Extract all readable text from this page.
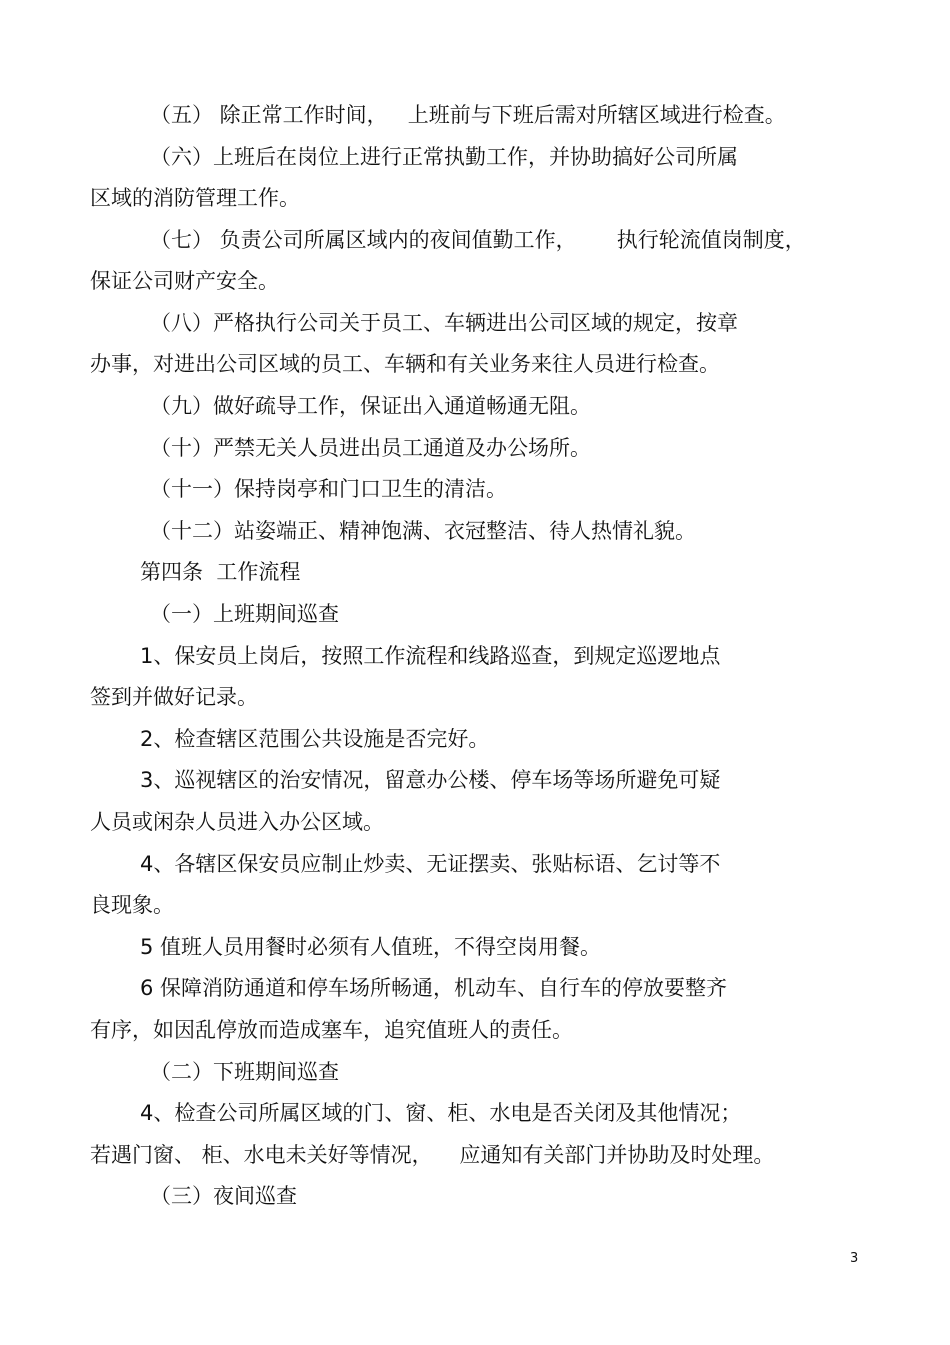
（五） 除正常工作时间，   上班前与下班后需对所辖区域进行检查。
（六）上班后在岗位上进行正常执勤工作，并协助搞好公司所属
区域的消防管理工作。
（七） 负责公司所属区域内的夜间值勤工作，      执行轮流值岗制度，
保证公司财产安全。
（八）严格执行公司关于员工、车辆进出公司区域的规定，按章
办事，对进出公司区域的员工、车辆和有关业务来往人员进行检查。
（九）做好疏导工作，保证出入通道畅通无阻。
（十）严禁无关人员进出员工通道及办公场所。
（十一）保持岗亭和门口卫生的清洁。
（十二）站姿端正、精神饱满、衣冠整洁、待人热情礼貌。
第四条  工作流程
（一）上班期间巡查
1、保安员上岗后，按照工作流程和线路巡查，到规定巡逻地点
签到并做好记录。
2、检查辖区范围公共设施是否完好。
3、巡视辖区的治安情况，留意办公楼、停车场等场所避免可疑
人员或闲杂人员进入办公区域。
4、各辖区保安员应制止炒卖、无证摆卖、张贴标语、乞讨等不
良现象。
5 值班人员用餐时必须有人值班，不得空岗用餐。
6 保障消防通道和停车场所畅通，机动车、自行车的停放要整齐
有序，如因乱停放而造成塞车，追究值班人的责任。
（二）下班期间巡查
4、检查公司所属区域的门、窗、柜、水电是否关闭及其他情况；
若遇门窗、 柜、水电未关好等情况，    应通知有关部门并协助及时处理。
（三）夜间巡查
3
